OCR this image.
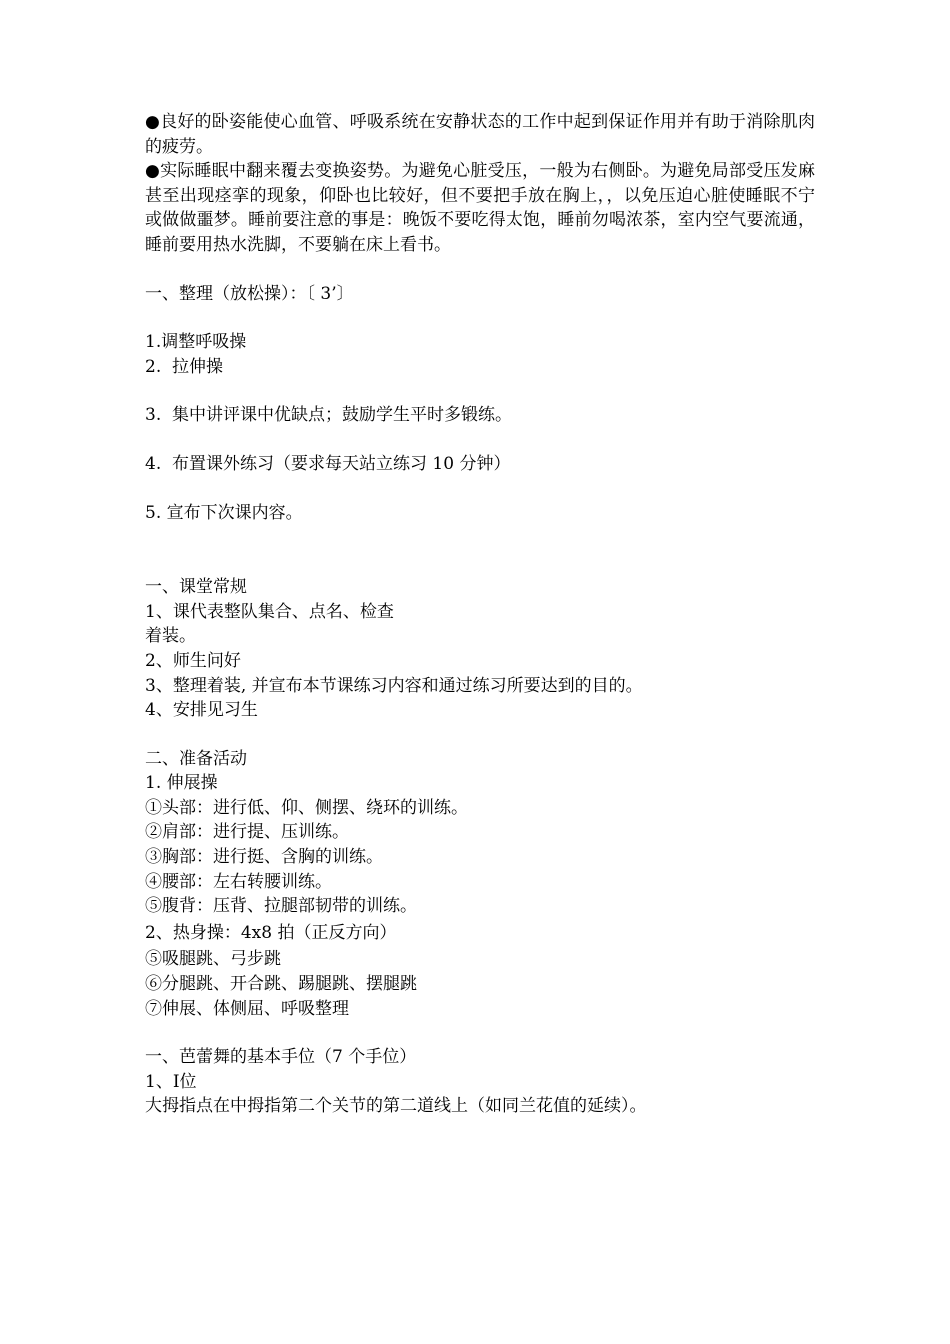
●良好的卧姿能使心血管、呼吸系统在安静状态的工作中起到保证作用并有助于消除肌肉的疲劳。
●实际睡眠中翻来覆去变换姿势。为避免心脏受压，一般为右侧卧。为避免局部受压发麻甚至出现痉挛的现象，仰卧也比较好，但不要把手放在胸上，，以免压迫心脏使睡眠不宁或做做噩梦。睡前要注意的事是：晚饭不要吃得太饱，睡前勿喝浓茶，室内空气要流通，睡前要用热水洗脚，不要躺在床上看书。
一、整理（放松操）：〔 3’〕
1.调整呼吸操
2.  拉伸操
3.  集中讲评课中优缺点；鼓励学生平时多锻练。
4.  布置课外练习（要求每天站立练习 10 分钟）
5. 宣布下次课内容。
一、课堂常规
1、课代表整队集合、点名、检查
着装。
2、师生问好
3、整理着装, 并宣布本节课练习内容和通过练习所要达到的目的。
4、安排见习生
二、准备活动
1. 伸展操
①头部：进行低、仰、侧摆、绕环的训练。
②肩部：进行提、压训练。
③胸部：进行挺、含胸的训练。
④腰部：左右转腰训练。
⑤腹背：压背、拉腿部韧带的训练。
2、热身操：4x8 拍（正反方向）
⑤吸腿跳、弓步跳
⑥分腿跳、开合跳、踢腿跳、摆腿跳
⑦伸展、体侧屈、呼吸整理
一、芭蕾舞的基本手位（7 个手位）
1、Ⅰ位
大拇指点在中拇指第二个关节的第二道线上（如同兰花值的延续）。
